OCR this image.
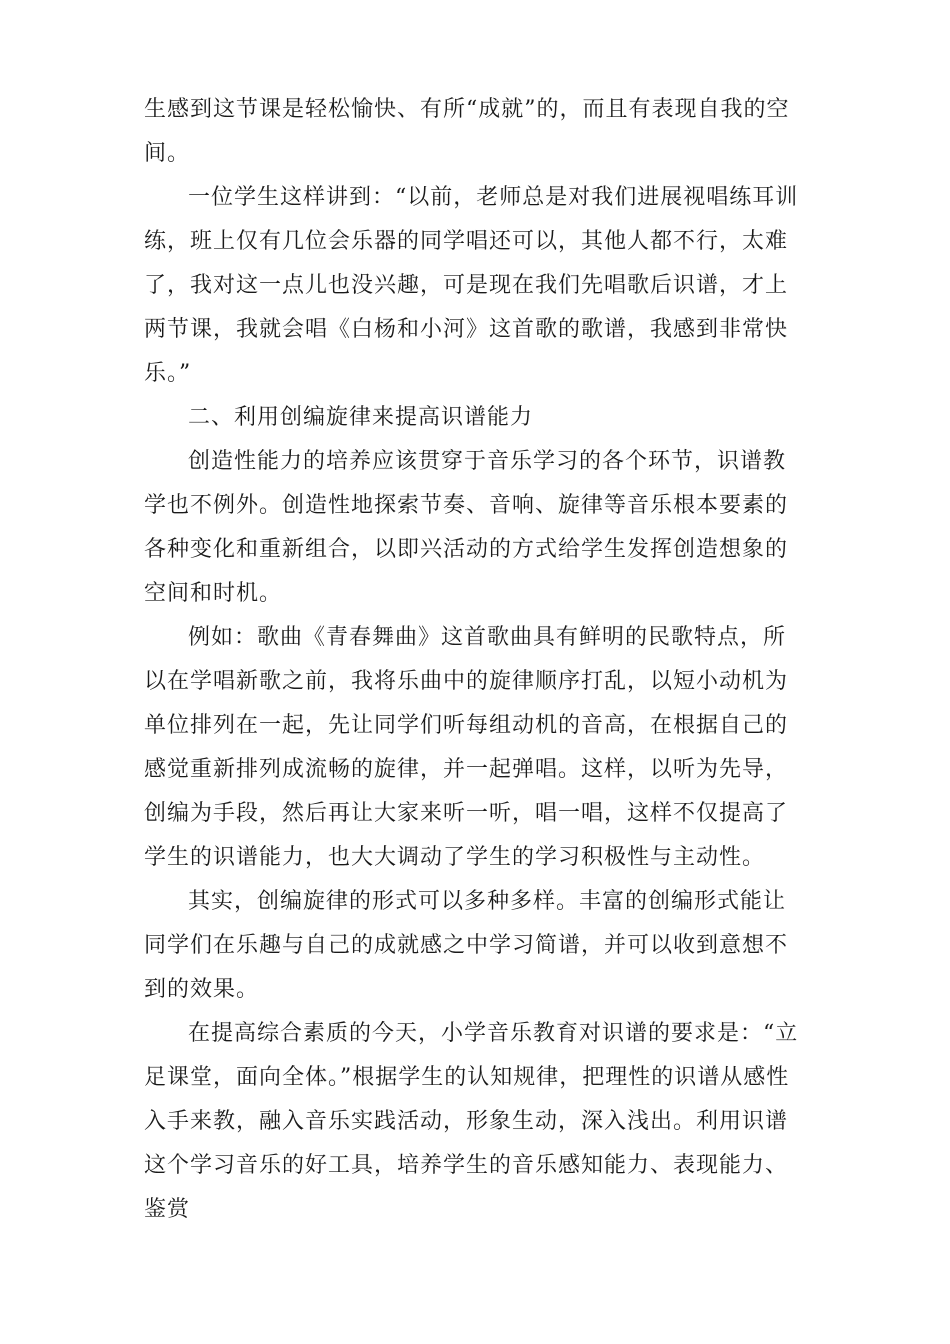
生感到这节课是轻松愉快、有所“成就”的，而且有表现自我的空间。

一位学生这样讲到：“以前，老师总是对我们进展视唱练耳训练，班上仅有几位会乐器的同学唱还可以，其他人都不行，太难了，我对这一点儿也没兴趣，可是现在我们先唱歌后识谱，才上两节课，我就会唱《白杨和小河》这首歌的歌谱，我感到非常快乐。”

二、利用创编旋律来提高识谱能力

创造性能力的培养应该贯穿于音乐学习的各个环节，识谱教学也不例外。创造性地探索节奏、音响、旋律等音乐根本要素的各种变化和重新组合，以即兴活动的方式给学生发挥创造想象的空间和时机。

例如：歌曲《青春舞曲》这首歌曲具有鲜明的民歌特点，所以在学唱新歌之前，我将乐曲中的旋律顺序打乱，以短小动机为单位排列在一起，先让同学们听每组动机的音高，在根据自己的感觉重新排列成流畅的旋律，并一起弹唱。这样，以听为先导，创编为手段，然后再让大家来听一听，唱一唱，这样不仅提高了学生的识谱能力，也大大调动了学生的学习积极性与主动性。

其实，创编旋律的形式可以多种多样。丰富的创编形式能让同学们在乐趣与自己的成就感之中学习简谱，并可以收到意想不到的效果。

在提高综合素质的今天，小学音乐教育对识谱的要求是：“立足课堂，面向全体。”根据学生的认知规律，把理性的识谱从感性入手来教，融入音乐实践活动，形象生动，深入浅出。利用识谱这个学习音乐的好工具，培养学生的音乐感知能力、表现能力、鉴赏
